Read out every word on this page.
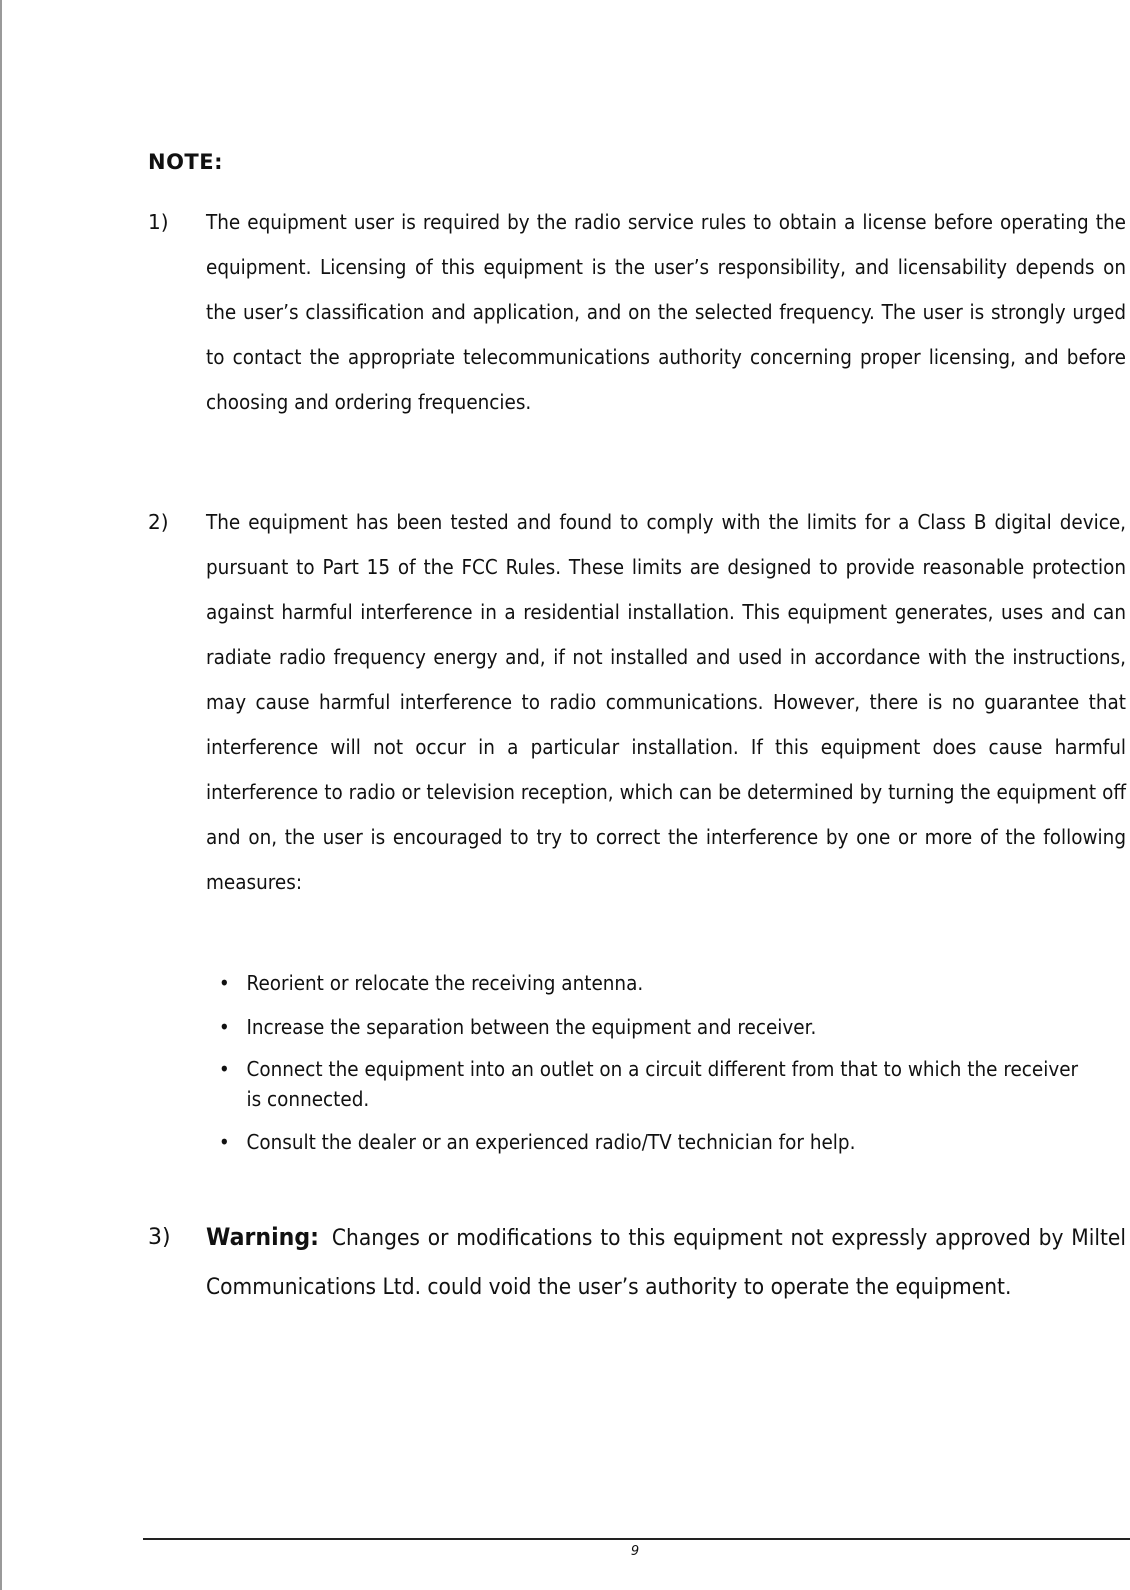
NOTE:
1) The equipment user is required by the radio service rules to obtain a license before operating the equipment. Licensing of this equipment is the user’s responsibility, and licensability depends on the user’s classification and application, and on the selected frequency. The user is strongly urged to contact the appropriate telecommunications authority concerning proper licensing, and before choosing and ordering frequencies.
2) The equipment has been tested and found to comply with the limits for a Class B digital device, pursuant to Part 15 of the FCC Rules. These limits are designed to provide reasonable protection against harmful interference in a residential installation. This equipment generates, uses and can radiate radio frequency energy and, if not installed and used in accordance with the instructions, may cause harmful interference to radio communications. However, there is no guarantee that interference will not occur in a particular installation. If this equipment does cause harmful interference to radio or television reception, which can be determined by turning the equipment off and on, the user is encouraged to try to correct the interference by one or more of the following measures:
• Reorient or relocate the receiving antenna.
• Increase the separation between the equipment and receiver.
• Connect the equipment into an outlet on a circuit different from that to which the receiver is connected.
• Consult the dealer or an experienced radio/TV technician for help.
3) Warning: Changes or modifications to this equipment not expressly approved by Miltel Communications Ltd. could void the user’s authority to operate the equipment.
9
